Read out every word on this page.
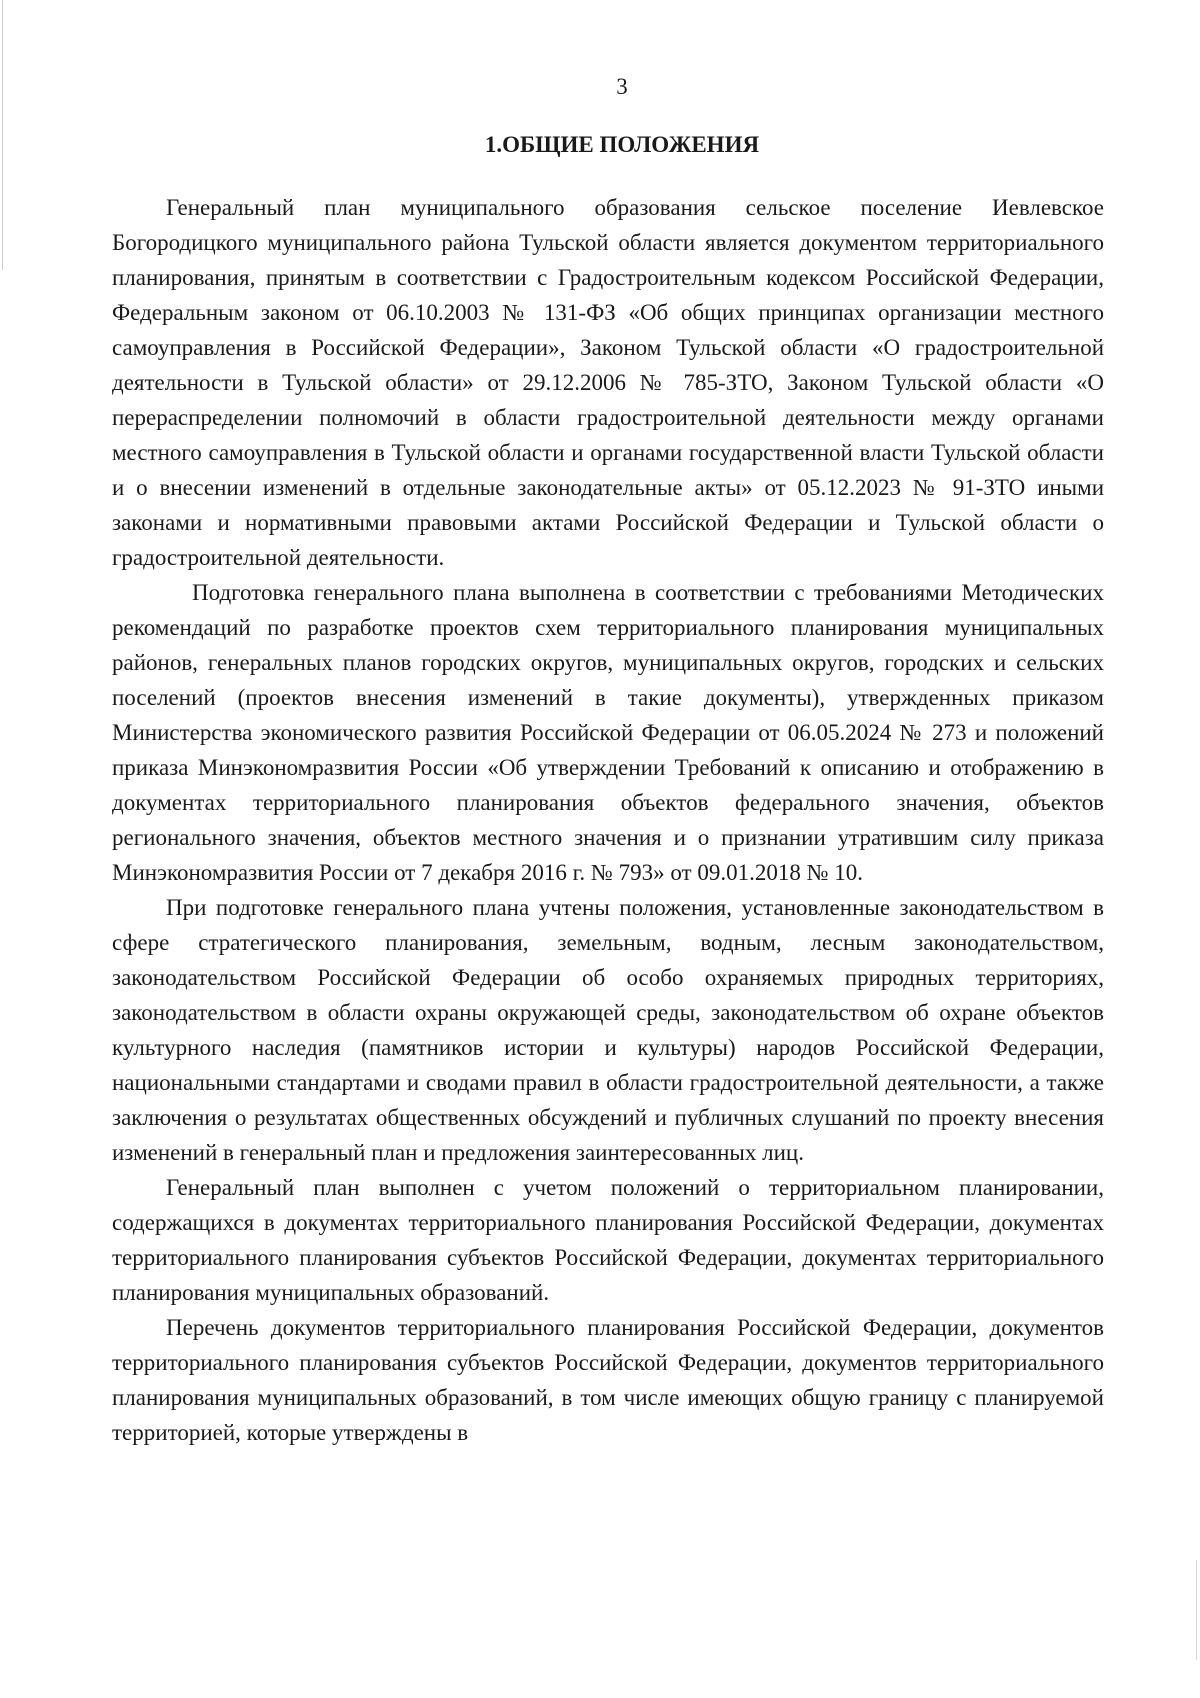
3

1.ОБЩИЕ ПОЛОЖЕНИЯ

Генеральный план муниципального образования сельское поселение Иевлевское Богородицкого муниципального района Тульской области является документом территориального планирования, принятым в соответствии с Градостроительным кодексом Российской Федерации, Федеральным законом от 06.10.2003 № 131-ФЗ «Об общих принципах организации местного самоуправления в Российской Федерации», Законом Тульской области «О градостроительной деятельности в Тульской области» от 29.12.2006 № 785-ЗТО, Законом Тульской области «О перераспределении полномочий в области градостроительной деятельности между органами местного самоуправления в Тульской области и органами государственной власти Тульской области и о внесении изменений в отдельные законодательные акты» от 05.12.2023 № 91-ЗТО иными законами и нормативными правовыми актами Российской Федерации и Тульской области о градостроительной деятельности.

Подготовка генерального плана выполнена в соответствии с требованиями Методических рекомендаций по разработке проектов схем территориального планирования муниципальных районов, генеральных планов городских округов, муниципальных округов, городских и сельских поселений (проектов внесения изменений в такие документы), утвержденных приказом Министерства экономического развития Российской Федерации от 06.05.2024 № 273 и положений приказа Минэкономразвития России «Об утверждении Требований к описанию и отображению в документах территориального планирования объектов федерального значения, объектов регионального значения, объектов местного значения и о признании утратившим силу приказа Минэкономразвития России от 7 декабря 2016 г. № 793» от 09.01.2018 № 10.

При подготовке генерального плана учтены положения, установленные законодательством в сфере стратегического планирования, земельным, водным, лесным законодательством, законодательством Российской Федерации об особо охраняемых природных территориях, законодательством в области охраны окружающей среды, законодательством об охране объектов культурного наследия (памятников истории и культуры) народов Российской Федерации, национальными стандартами и сводами правил в области градостроительной деятельности, а также заключения о результатах общественных обсуждений и публичных слушаний по проекту внесения изменений в генеральный план и предложения заинтересованных лиц.

Генеральный план выполнен с учетом положений о территориальном планировании, содержащихся в документах территориального планирования Российской Федерации, документах территориального планирования субъектов Российской Федерации, документах территориального планирования муниципальных образований.

Перечень документов территориального планирования Российской Федерации, документов территориального планирования субъектов Российской Федерации, документов территориального планирования муниципальных образований, в том числе имеющих общую границу с планируемой территорией, которые утверждены в
